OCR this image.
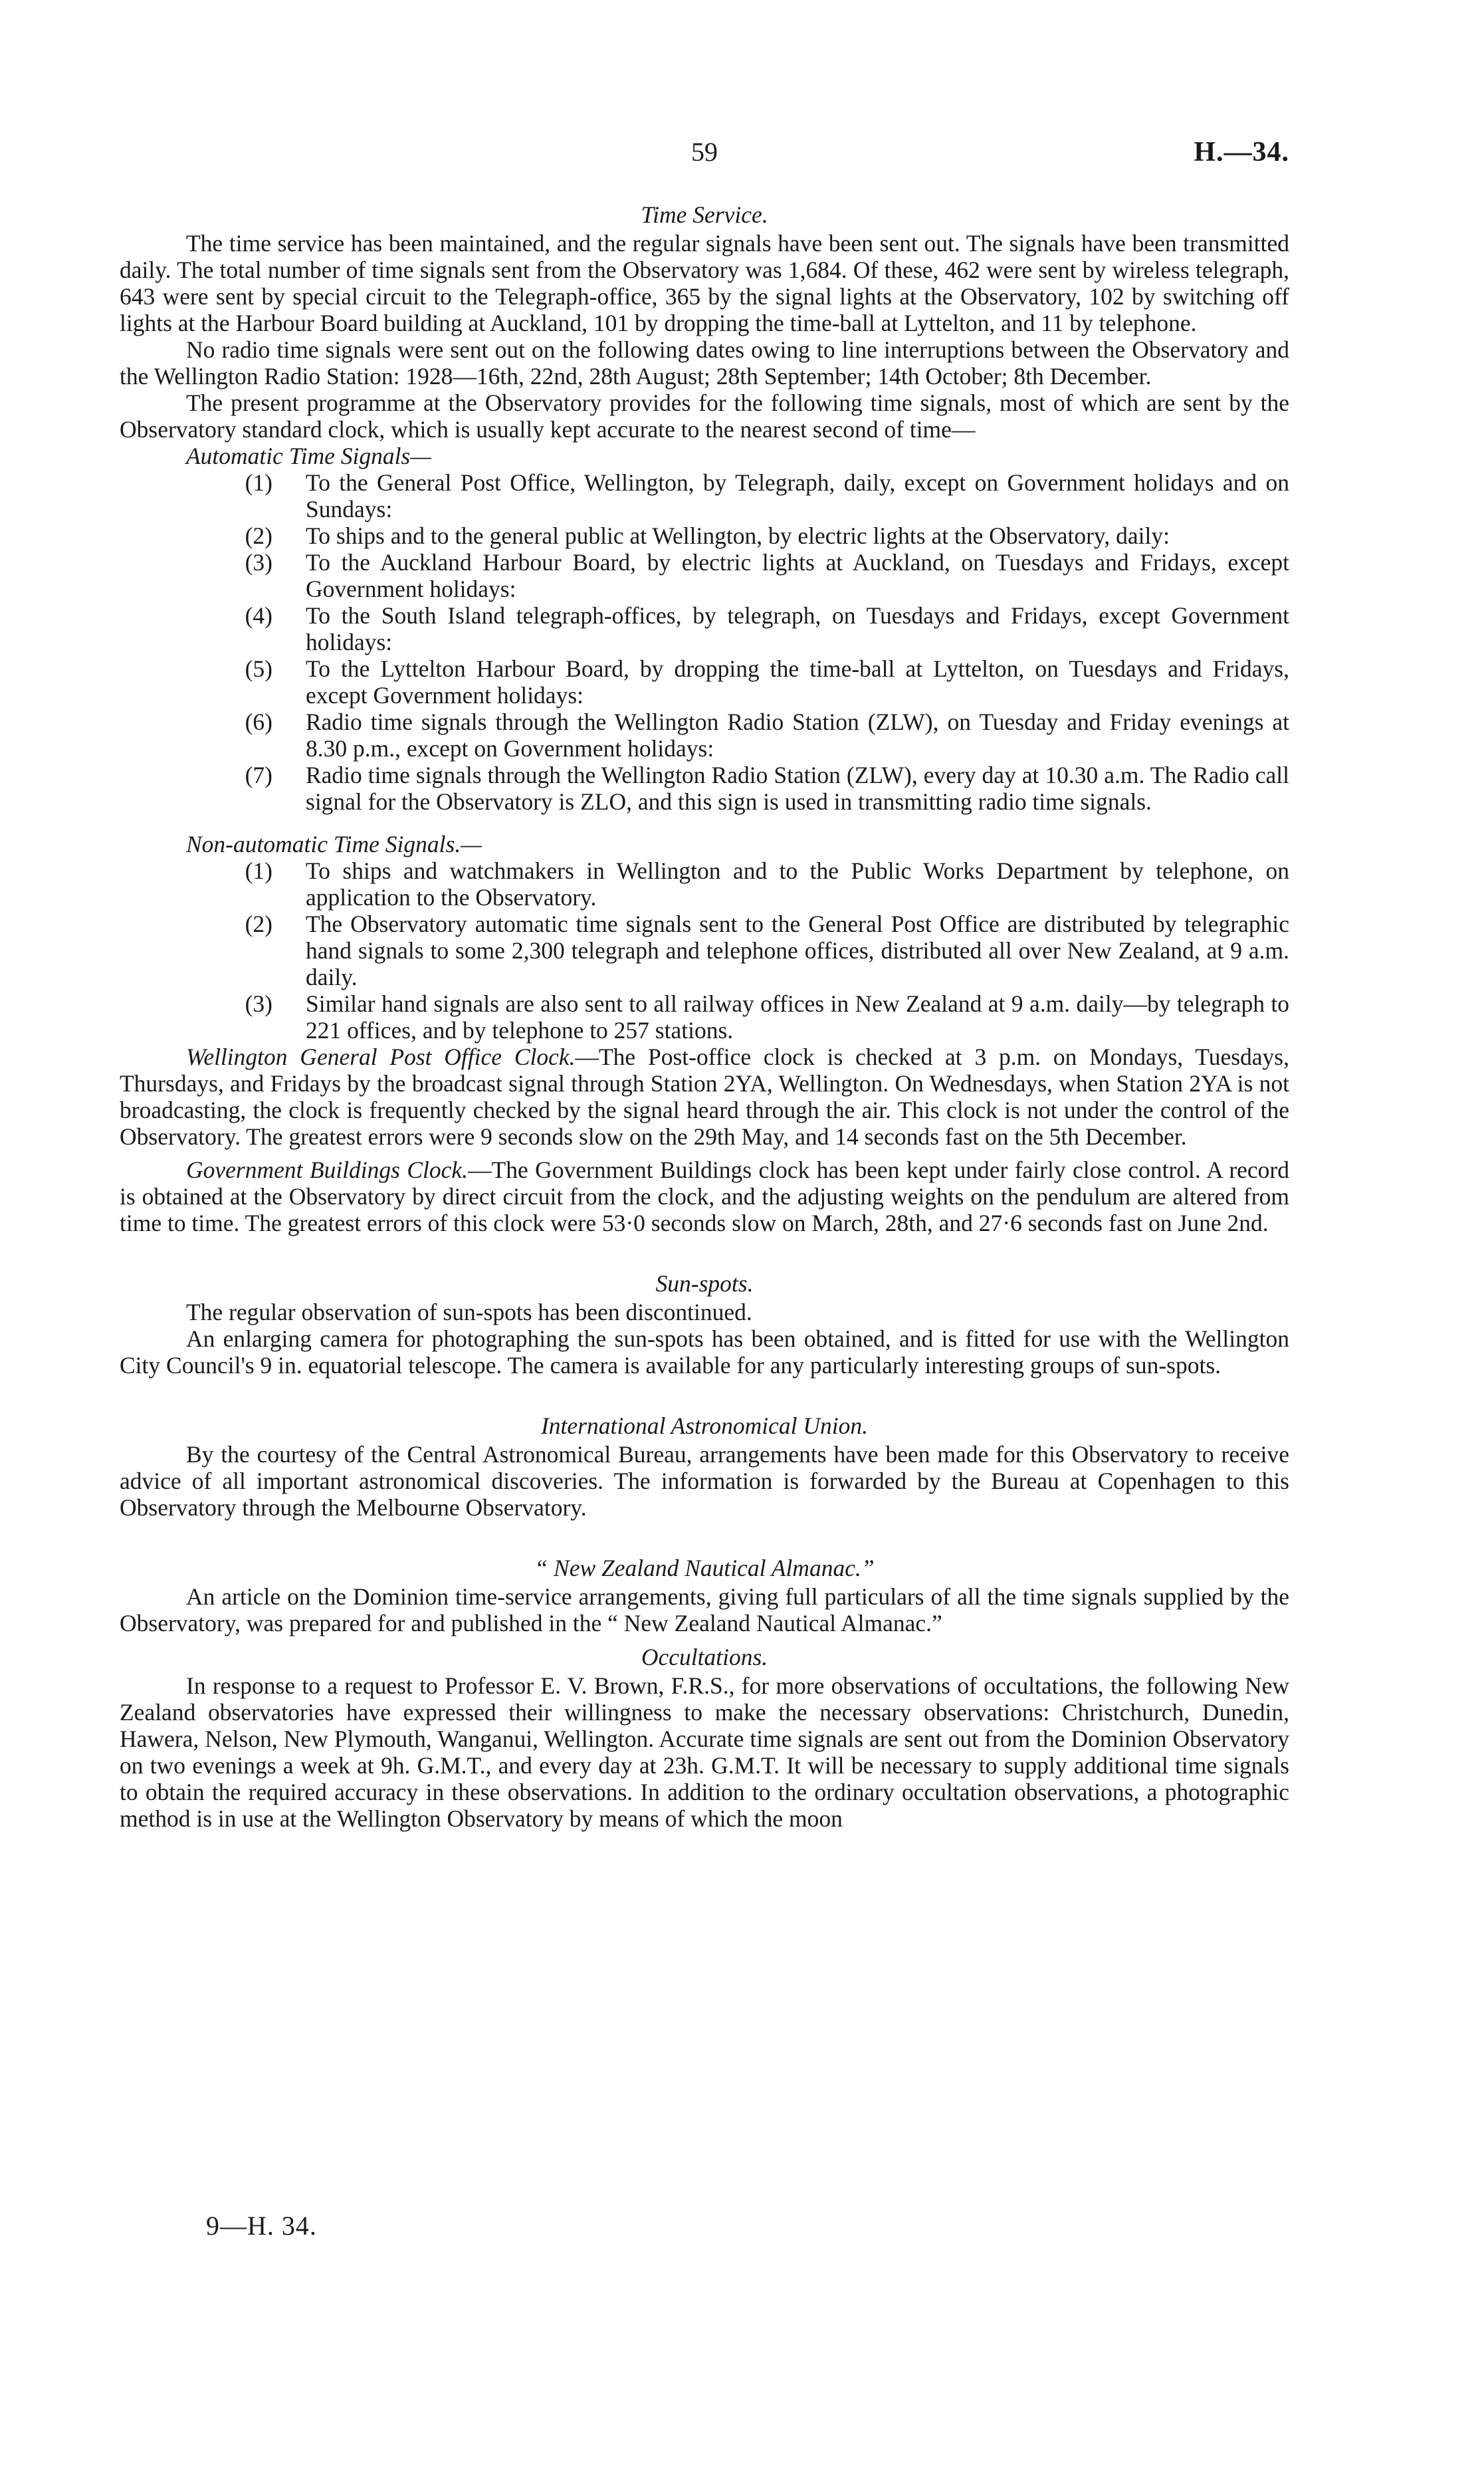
59	H.—34.
Time Service.

The time service has been maintained, and the regular signals have been sent out. The signals have been transmitted daily. The total number of time signals sent from the Observatory was 1,684. Of these, 462 were sent by wireless telegraph, 643 were sent by special circuit to the Telegraph-office, 365 by the signal lights at the Observatory, 102 by switching off lights at the Harbour Board building at Auckland, 101 by dropping the time-ball at Lyttelton, and 11 by telephone.

No radio time signals were sent out on the following dates owing to line interruptions between the Observatory and the Wellington Radio Station: 1928—16th, 22nd, 28th August; 28th September; 14th October; 8th December.

The present programme at the Observatory provides for the following time signals, most of which are sent by the Observatory standard clock, which is usually kept accurate to the nearest second of time—

Automatic Time Signals—
(1) To the General Post Office, Wellington, by Telegraph, daily, except on Government holidays and on Sundays:
(2) To ships and to the general public at Wellington, by electric lights at the Observatory, daily:
(3) To the Auckland Harbour Board, by electric lights at Auckland, on Tuesdays and Fridays, except Government holidays:
(4) To the South Island telegraph-offices, by telegraph, on Tuesdays and Fridays, except Government holidays:
(5) To the Lyttelton Harbour Board, by dropping the time-ball at Lyttelton, on Tuesdays and Fridays, except Government holidays:
(6) Radio time signals through the Wellington Radio Station (ZLW), on Tuesday and Friday evenings at 8.30 p.m., except on Government holidays:
(7) Radio time signals through the Wellington Radio Station (ZLW), every day at 10.30 a.m. The Radio call signal for the Observatory is ZLO, and this sign is used in transmitting radio time signals.
Non-automatic Time Signals.—
(1) To ships and watchmakers in Wellington and to the Public Works Department by telephone, on application to the Observatory.
(2) The Observatory automatic time signals sent to the General Post Office are distributed by telegraphic hand signals to some 2,300 telegraph and telephone offices, distributed all over New Zealand, at 9 a.m. daily.
(3) Similar hand signals are also sent to all railway offices in New Zealand at 9 a.m. daily—by telegraph to 221 offices, and by telephone to 257 stations.

Wellington General Post Office Clock.—The Post-office clock is checked at 3 p.m. on Mondays, Tuesdays, Thursdays, and Fridays by the broadcast signal through Station 2YA, Wellington. On Wednesdays, when Station 2YA is not broadcasting, the clock is frequently checked by the signal heard through the air. This clock is not under the control of the Observatory. The greatest errors were 9 seconds slow on the 29th May, and 14 seconds fast on the 5th December.

Government Buildings Clock.—The Government Buildings clock has been kept under fairly close control. A record is obtained at the Observatory by direct circuit from the clock, and the adjusting weights on the pendulum are altered from time to time. The greatest errors of this clock were 53·0 seconds slow on March, 28th, and 27·6 seconds fast on June 2nd.

Sun-spots.

The regular observation of sun-spots has been discontinued.

An enlarging camera for photographing the sun-spots has been obtained, and is fitted for use with the Wellington City Council's 9 in. equatorial telescope. The camera is available for any particularly interesting groups of sun-spots.

International Astronomical Union.

By the courtesy of the Central Astronomical Bureau, arrangements have been made for this Observatory to receive advice of all important astronomical discoveries. The information is forwarded by the Bureau at Copenhagen to this Observatory through the Melbourne Observatory.

“ New Zealand Nautical Almanac.”

An article on the Dominion time-service arrangements, giving full particulars of all the time signals supplied by the Observatory, was prepared for and published in the “ New Zealand Nautical Almanac.”

Occultations.

In response to a request to Professor E. V. Brown, F.R.S., for more observations of occultations, the following New Zealand observatories have expressed their willingness to make the necessary observations: Christchurch, Dunedin, Hawera, Nelson, New Plymouth, Wanganui, Wellington. Accurate time signals are sent out from the Dominion Observatory on two evenings a week at 9h. G.M.T., and every day at 23h. G.M.T. It will be necessary to supply additional time signals to obtain the required accuracy in these observations. In addition to the ordinary occultation observations, a photographic method is in use at the Wellington Observatory by means of which the moon

9—H. 34.
